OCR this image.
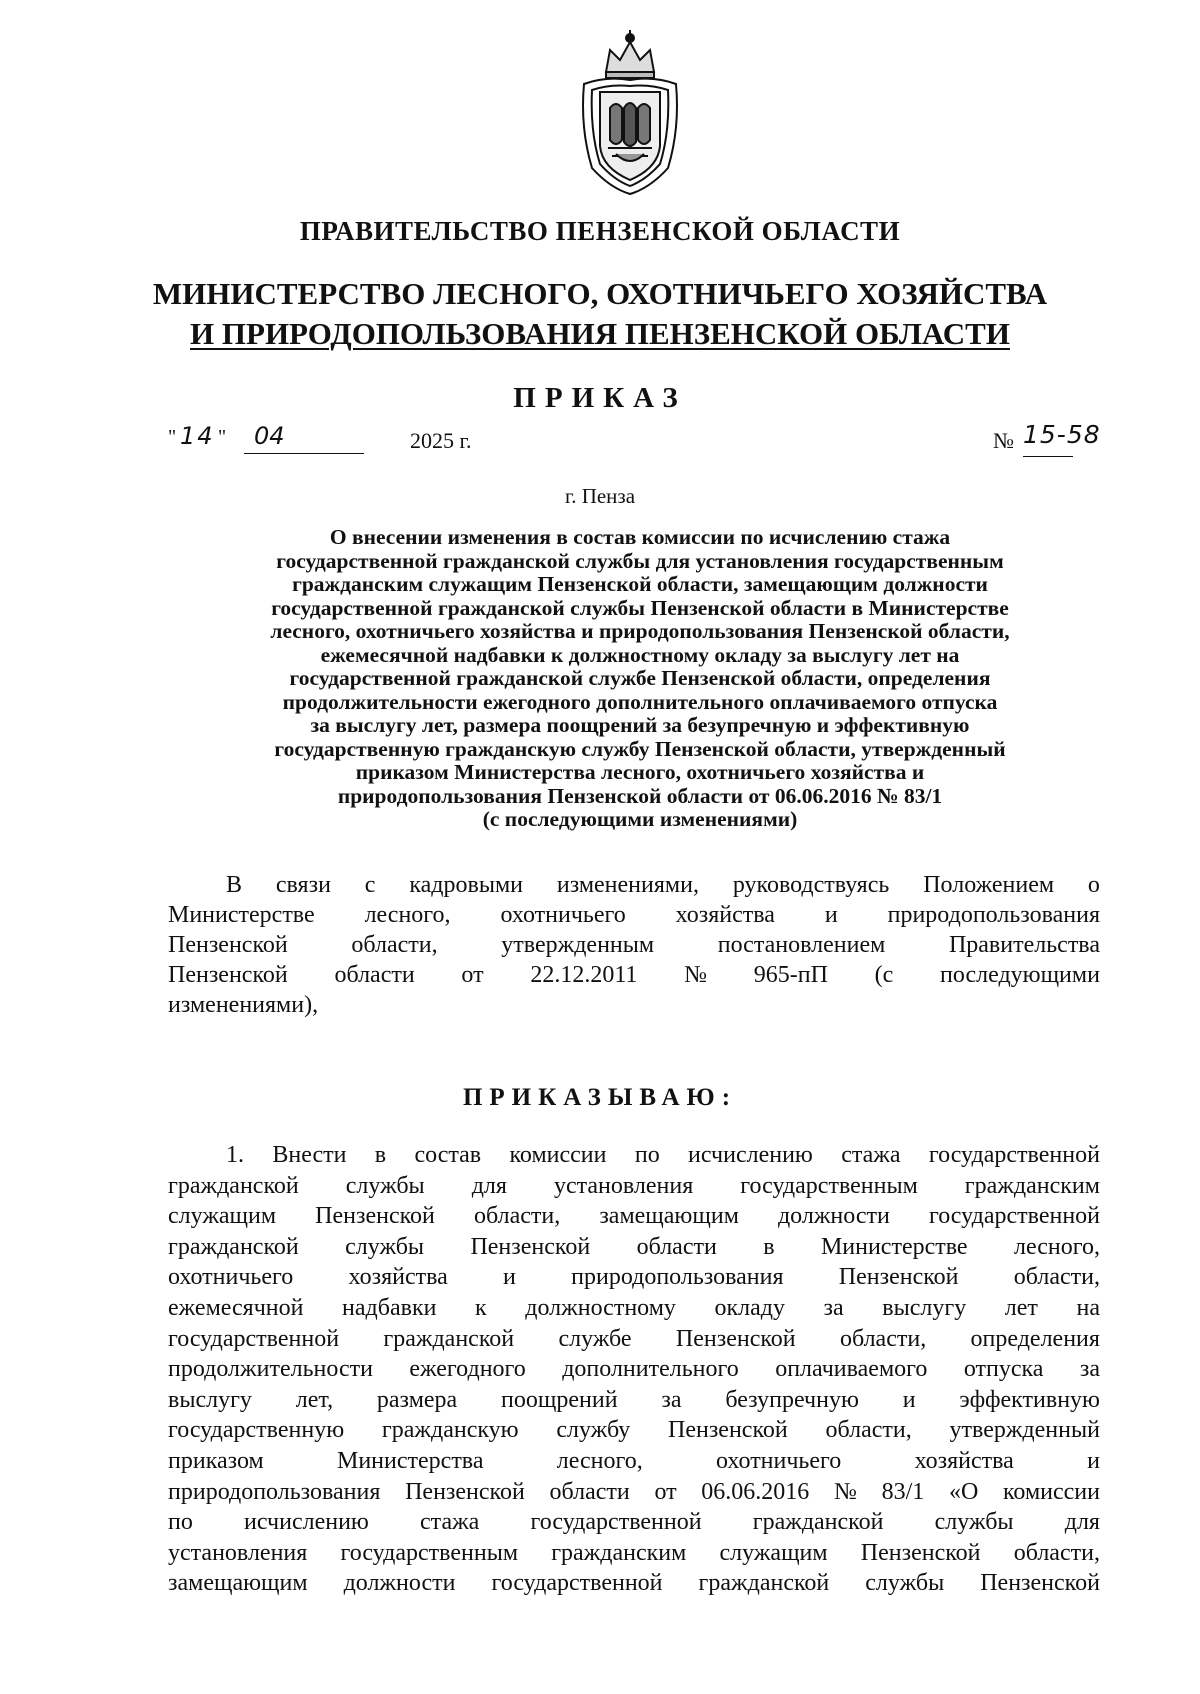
ПРАВИТЕЛЬСТВО ПЕНЗЕНСКОЙ ОБЛАСТИ
МИНИСТЕРСТВО ЛЕСНОГО, ОХОТНИЧЬЕГО ХОЗЯЙСТВА
И ПРИРОДОПОЛЬЗОВАНИЯ ПЕНЗЕНСКОЙ ОБЛАСТИ
ПРИКАЗ
" 14 "	04	2025 г.	№ 15-58
г. Пенза
О внесении изменения в состав комиссии по исчислению стажа
государственной гражданской службы для установления государственным
гражданским служащим Пензенской области, замещающим должности
государственной гражданской службы Пензенской области в Министерстве
лесного, охотничьего хозяйства и природопользования Пензенской области,
ежемесячной надбавки к должностному окладу за выслугу лет на
государственной гражданской службе Пензенской области, определения
продолжительности ежегодного дополнительного оплачиваемого отпуска
за выслугу лет, размера поощрений за безупречную и эффективную
государственную гражданскую службу Пензенской области, утвержденный
приказом Министерства лесного, охотничьего хозяйства и
природопользования Пензенской области от 06.06.2016 № 83/1
(с последующими изменениями)
В связи с кадровыми изменениями, руководствуясь Положением о
Министерстве лесного, охотничьего хозяйства и природопользования
Пензенской	области,	утвержденным	постановлением	Правительства
Пензенской области от 22.12.2011 № 965-пП (с последующими
изменениями),
ПРИКАЗЫВАЮ:
1. Внести в состав комиссии по исчислению стажа государственной
гражданской службы для установления государственным гражданским
служащим Пензенской области, замещающим должности государственной
гражданской службы Пензенской области в Министерстве лесного,
охотничьего хозяйства и природопользования Пензенской области,
ежемесячной надбавки к должностному окладу за выслугу лет на
государственной гражданской службе Пензенской области, определения
продолжительности ежегодного дополнительного оплачиваемого отпуска за
выслугу лет, размера поощрений за безупречную и эффективную
государственную гражданскую службу Пензенской области, утвержденный
приказом	Министерства	лесного,	охотничьего	хозяйства	и
природопользования Пензенской области от 06.06.2016 № 83/1 «О комиссии
по исчислению стажа государственной гражданской службы для
установления государственным гражданским служащим Пензенской области,
замещающим должности государственной гражданской службы Пензенской
